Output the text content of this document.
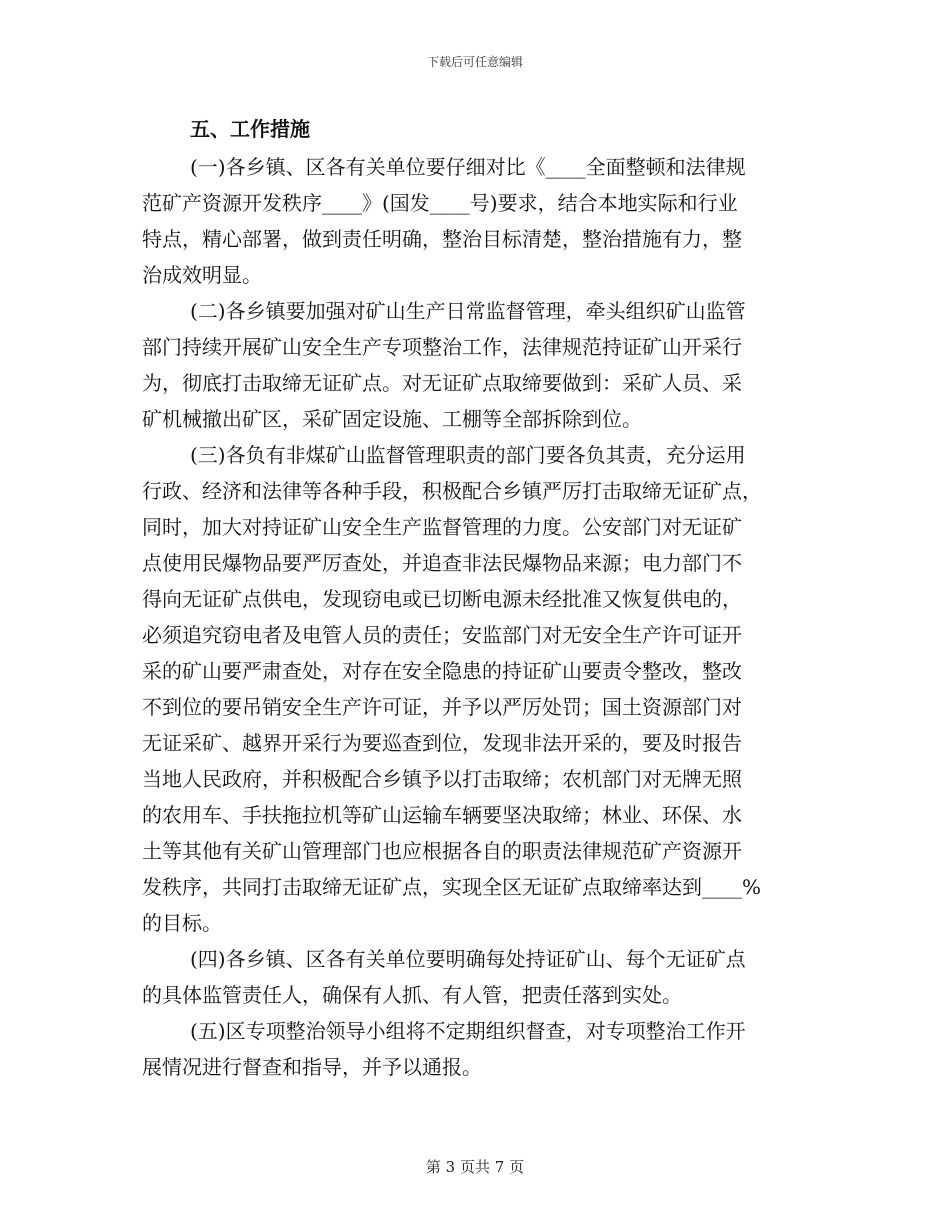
下载后可任意编辑
五、工作措施
(一)各乡镇、区各有关单位要仔细对比《____全面整顿和法律规
范矿产资源开发秩序____》(国发____号)要求，结合本地实际和行业
特点，精心部署，做到责任明确，整治目标清楚，整治措施有力，整
治成效明显。
(二)各乡镇要加强对矿山生产日常监督管理，牵头组织矿山监管
部门持续开展矿山安全生产专项整治工作，法律规范持证矿山开采行
为，彻底打击取缔无证矿点。对无证矿点取缔要做到：采矿人员、采
矿机械撤出矿区，采矿固定设施、工棚等全部拆除到位。
(三)各负有非煤矿山监督管理职责的部门要各负其责，充分运用
行政、经济和法律等各种手段，积极配合乡镇严厉打击取缔无证矿点，
同时，加大对持证矿山安全生产监督管理的力度。公安部门对无证矿
点使用民爆物品要严厉查处，并追查非法民爆物品来源；电力部门不
得向无证矿点供电，发现窃电或已切断电源未经批准又恢复供电的，
必须追究窃电者及电管人员的责任；安监部门对无安全生产许可证开
采的矿山要严肃查处，对存在安全隐患的持证矿山要责令整改，整改
不到位的要吊销安全生产许可证，并予以严厉处罚；国土资源部门对
无证采矿、越界开采行为要巡查到位，发现非法开采的，要及时报告
当地人民政府，并积极配合乡镇予以打击取缔；农机部门对无牌无照
的农用车、手扶拖拉机等矿山运输车辆要坚决取缔；林业、环保、水
土等其他有关矿山管理部门也应根据各自的职责法律规范矿产资源开
发秩序，共同打击取缔无证矿点，实现全区无证矿点取缔率达到____%
的目标。
(四)各乡镇、区各有关单位要明确每处持证矿山、每个无证矿点
的具体监管责任人，确保有人抓、有人管，把责任落到实处。
(五)区专项整治领导小组将不定期组织督查，对专项整治工作开
展情况进行督查和指导，并予以通报。
第 3 页共 7 页
